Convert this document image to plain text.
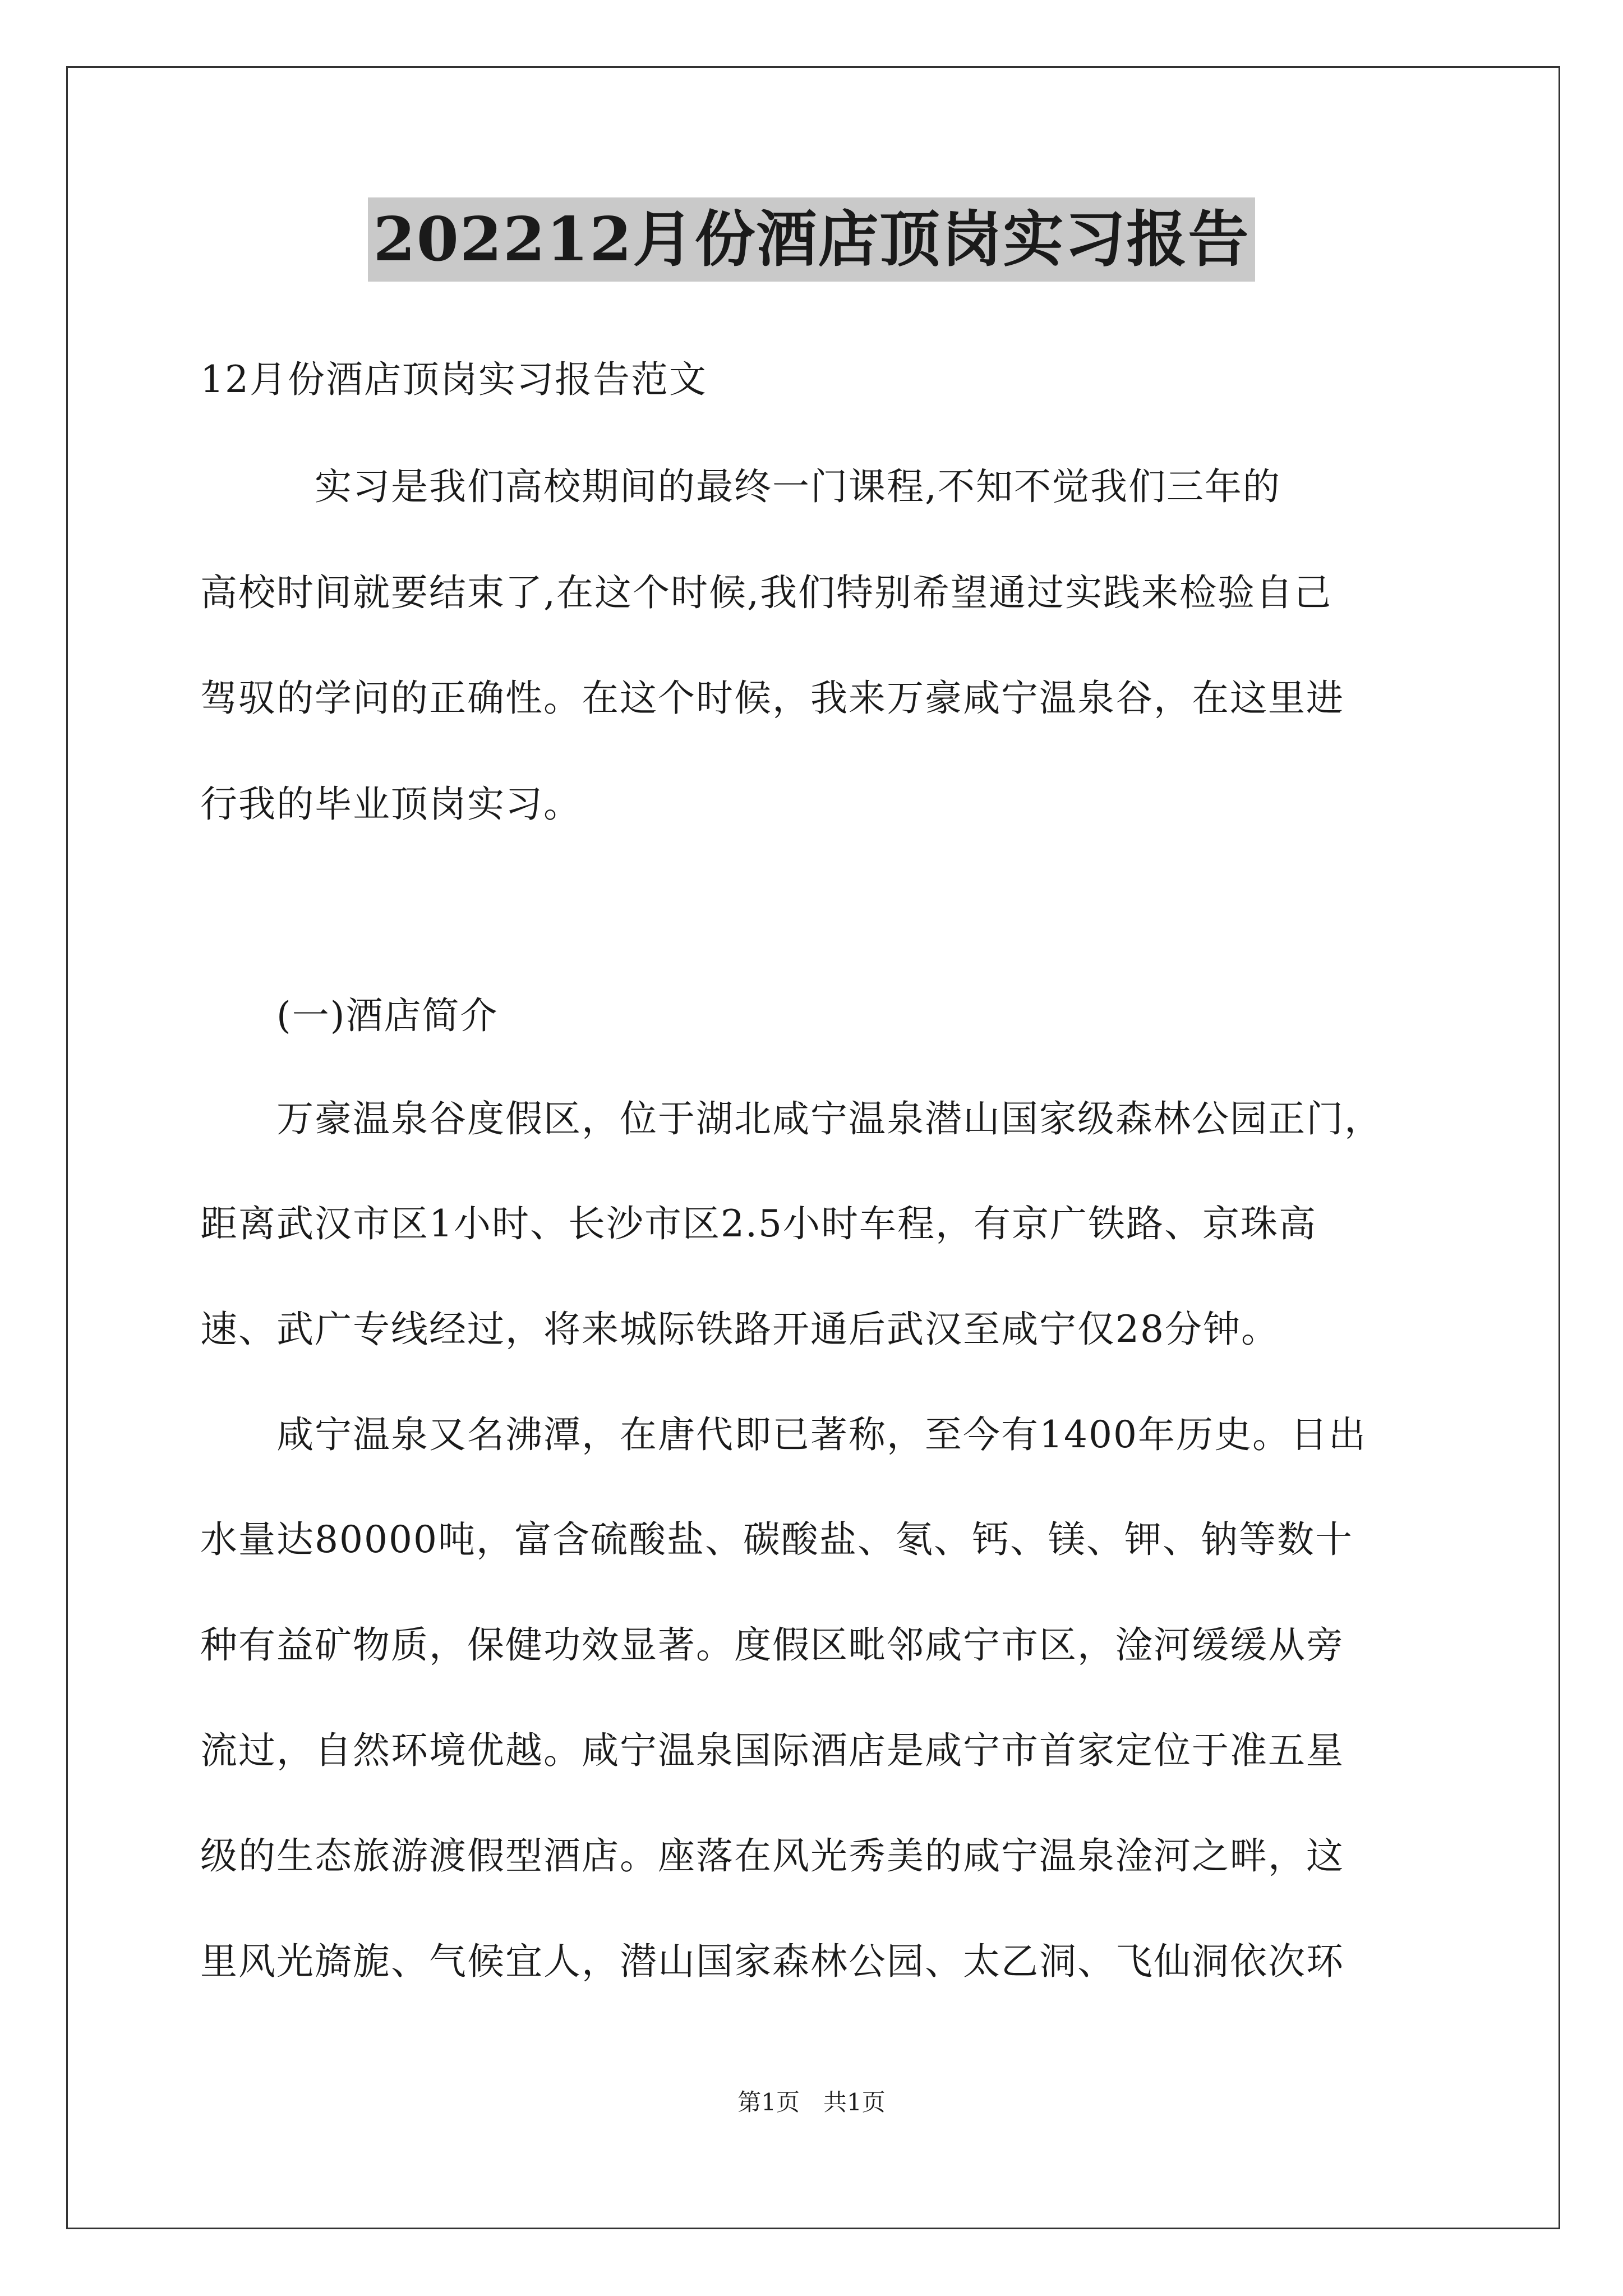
202212月份酒店顶岗实习报告
12月份酒店顶岗实习报告范文
　　　实习是我们高校期间的最终一门课程,不知不觉我们三年的
高校时间就要结束了,在这个时候,我们特别希望通过实践来检验自己
驾驭的学问的正确性。在这个时候，我来万豪咸宁温泉谷，在这里进
行我的毕业顶岗实习。
　　(一)酒店简介
　　万豪温泉谷度假区，位于湖北咸宁温泉潜山国家级森林公园正门，
距离武汉市区1小时、长沙市区2.5小时车程，有京广铁路、京珠高
速、武广专线经过，将来城际铁路开通后武汉至咸宁仅28分钟。
　　咸宁温泉又名沸潭，在唐代即已著称，至今有1400年历史。日出
水量达80000吨，富含硫酸盐、碳酸盐、氡、钙、镁、钾、钠等数十
种有益矿物质，保健功效显著。度假区毗邻咸宁市区，淦河缓缓从旁
流过，自然环境优越。咸宁温泉国际酒店是咸宁市首家定位于准五星
级的生态旅游渡假型酒店。座落在风光秀美的咸宁温泉淦河之畔，这
里风光旖旎、气候宜人，潜山国家森林公园、太乙洞、飞仙洞依次环
第1页　共1页
